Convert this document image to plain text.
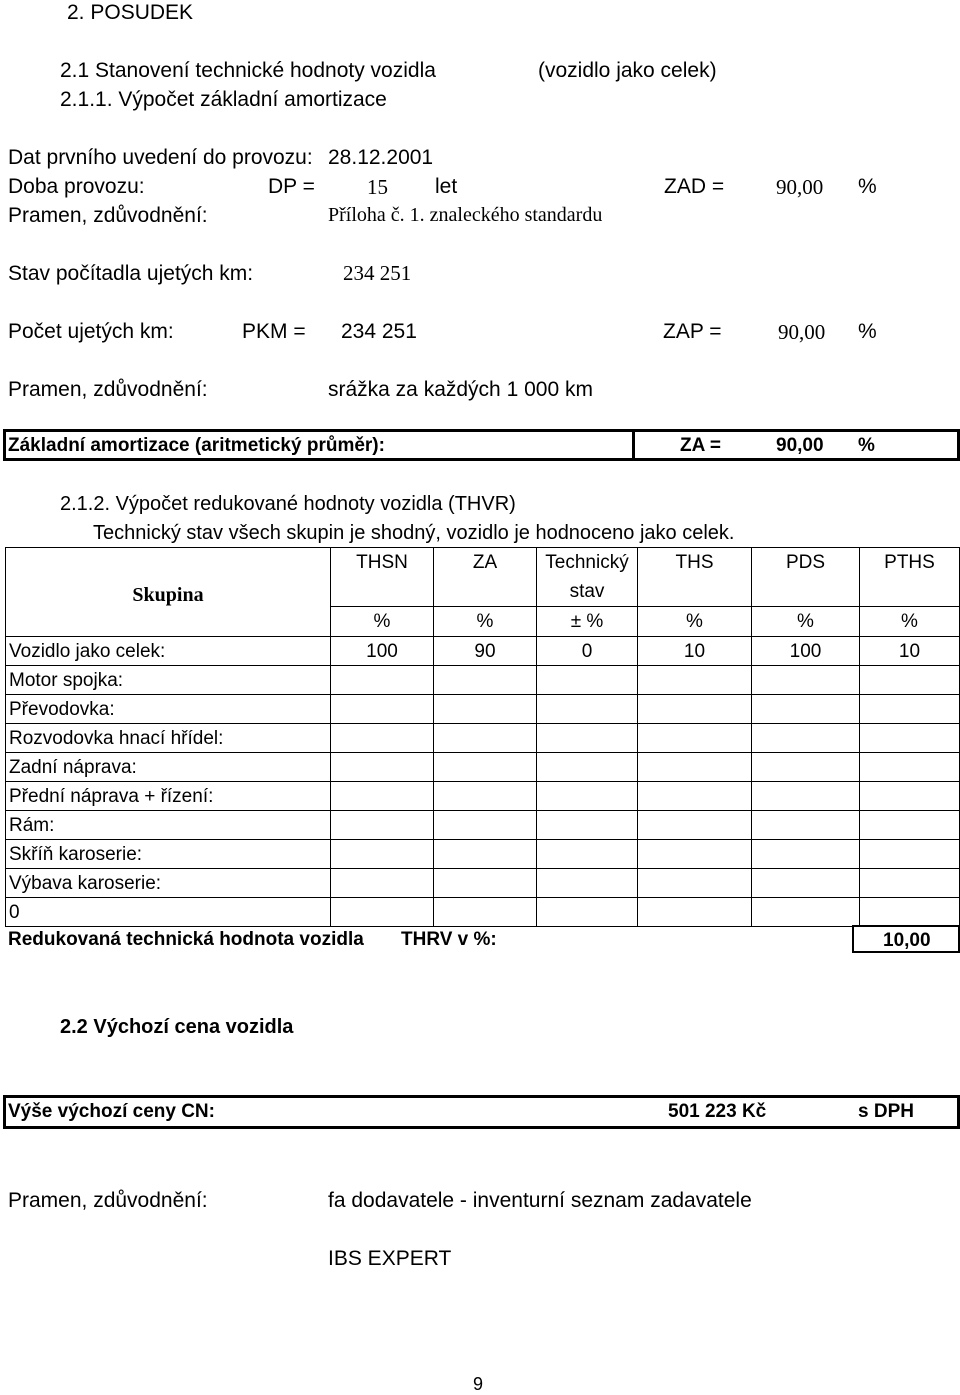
2. POSUDEK
2.1 Stanovení technické hodnoty vozidla	(vozidlo jako celek)
2.1.1. Výpočet základní amortizace
Dat prvního uvedení do provozu: 28.12.2001
Doba provozu:	DP = 15 let	ZAD = 90,00 %
Pramen, zdůvodnění:	Příloha č. 1. znaleckého standardu
Stav počítadla ujetých km:	234 251
Počet ujetých km:	PKM = 234 251	ZAP =	90,00 %
Pramen, zdůvodnění:	srážka za každých 1 000 km
Základní amortizace (aritmetický průměr):	ZA =	90,00 %
2.1.2. Výpočet redukované hodnoty vozidla (THVR)
Technický stav všech skupin je shodný, vozidlo je hodnoceno jako celek.
Skupina	THSN	ZA	Technický	THS	PDS	PTHS
			stav			
	%	%	± %	%	%	%
Vozidlo jako celek:	100	90	0	10	100	10
Motor spojka:						
Převodovka:						
Rozvodovka hnací hřídel:						
Zadní náprava:						
Přední náprava + řízení:						
Rám:						
Skříň karoserie:						
Výbava karoserie:						
0						
Redukovaná technická hodnota vozidla THRV v %:	10,00
2.2 Výchozí cena vozidla
Výše výchozí ceny CN:	501 223 Kč	s DPH
Pramen, zdůvodnění:	fa dodavatele - inventurní seznam zadavatele
IBS EXPERT
9
